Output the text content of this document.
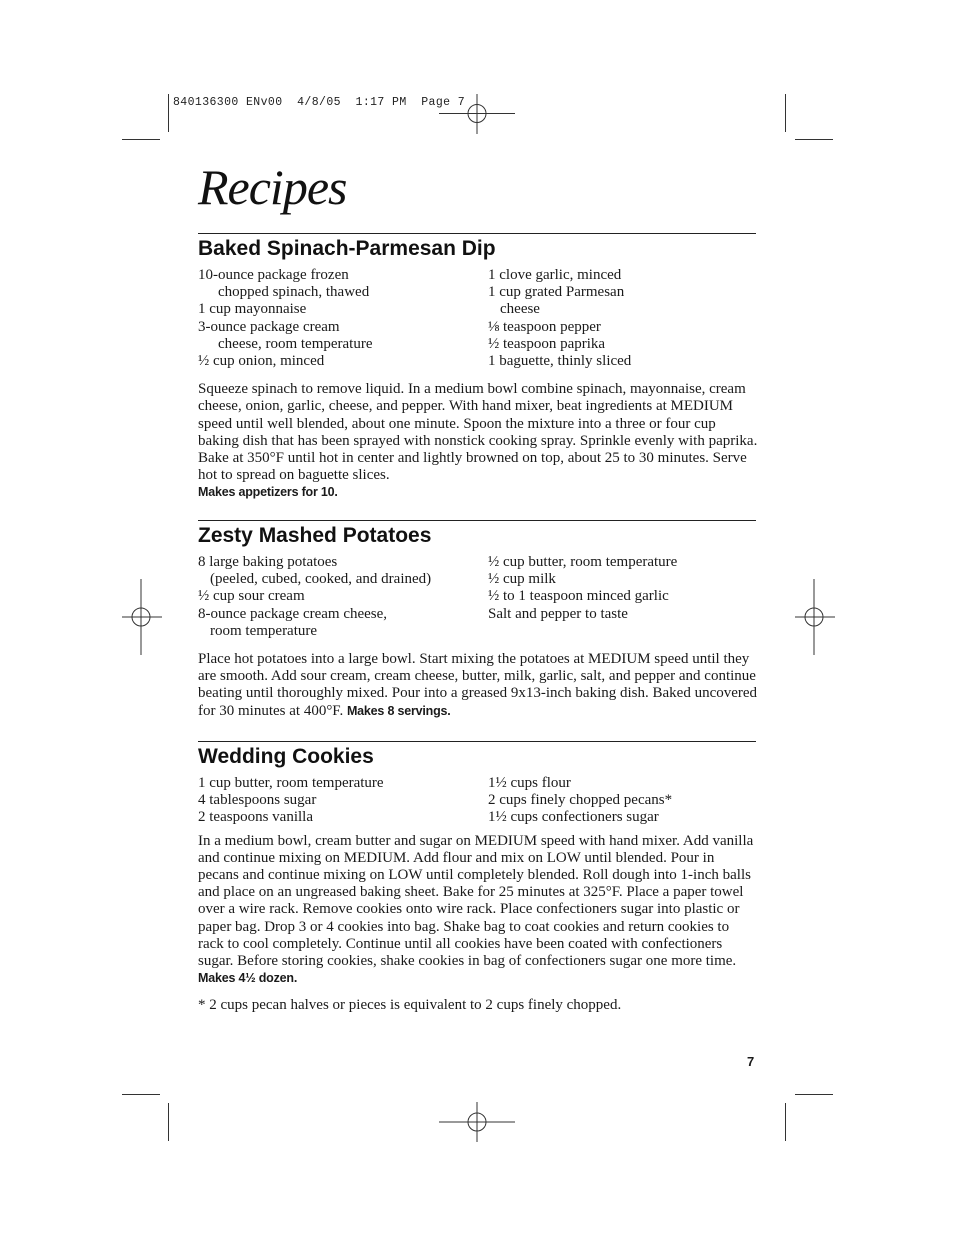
840136300 ENv00  4/8/05  1:17 PM  Page 7
Recipes
Baked Spinach-Parmesan Dip
10-ounce package frozen
chopped spinach, thawed
1 cup mayonnaise
3-ounce package cream
cheese, room temperature
½ cup onion, minced
1 clove garlic, minced
1 cup grated Parmesan
cheese
⅛ teaspoon pepper
½ teaspoon paprika
1 baguette, thinly sliced
Squeeze spinach to remove liquid. In a medium bowl combine spinach, mayonnaise, cream cheese, onion, garlic, cheese, and pepper. With hand mixer, beat ingredients at MEDIUM speed until well blended, about one minute. Spoon the mixture into a three or four cup baking dish that has been sprayed with nonstick cooking spray. Sprinkle evenly with paprika. Bake at 350°F until hot in center and lightly browned on top, about 25 to 30 minutes. Serve hot to spread on baguette slices.
Makes appetizers for 10.
Zesty Mashed Potatoes
8 large baking potatoes
(peeled, cubed, cooked, and drained)
½ cup sour cream
8-ounce package cream cheese,
room temperature
½ cup butter, room temperature
½ cup milk
½ to 1 teaspoon minced garlic
Salt and pepper to taste
Place hot potatoes into a large bowl. Start mixing the potatoes at MEDIUM speed until they are smooth. Add sour cream, cream cheese, butter, milk, garlic, salt, and pepper and continue beating until thoroughly mixed. Pour into a greased 9x13-inch baking dish. Baked uncovered for 30 minutes at 400°F. Makes 8 servings.
Wedding Cookies
1 cup butter, room temperature
4 tablespoons sugar
2 teaspoons vanilla
1½ cups flour
2 cups finely chopped pecans*
1½ cups confectioners sugar
In a medium bowl, cream butter and sugar on MEDIUM speed with hand mixer. Add vanilla and continue mixing on MEDIUM. Add flour and mix on LOW until blended. Pour in pecans and continue mixing on LOW until completely blended. Roll dough into 1-inch balls and place on an ungreased baking sheet. Bake for 25 minutes at 325°F. Place a paper towel over a wire rack. Remove cookies onto wire rack. Place confectioners sugar into plastic or paper bag. Drop 3 or 4 cookies into bag. Shake bag to coat cookies and return cookies to rack to cool completely. Continue until all cookies have been coated with confectioners sugar. Before storing cookies, shake cookies in bag of confectioners sugar one more time.
Makes 4½ dozen.
* 2 cups pecan halves or pieces is equivalent to 2 cups finely chopped.
7
